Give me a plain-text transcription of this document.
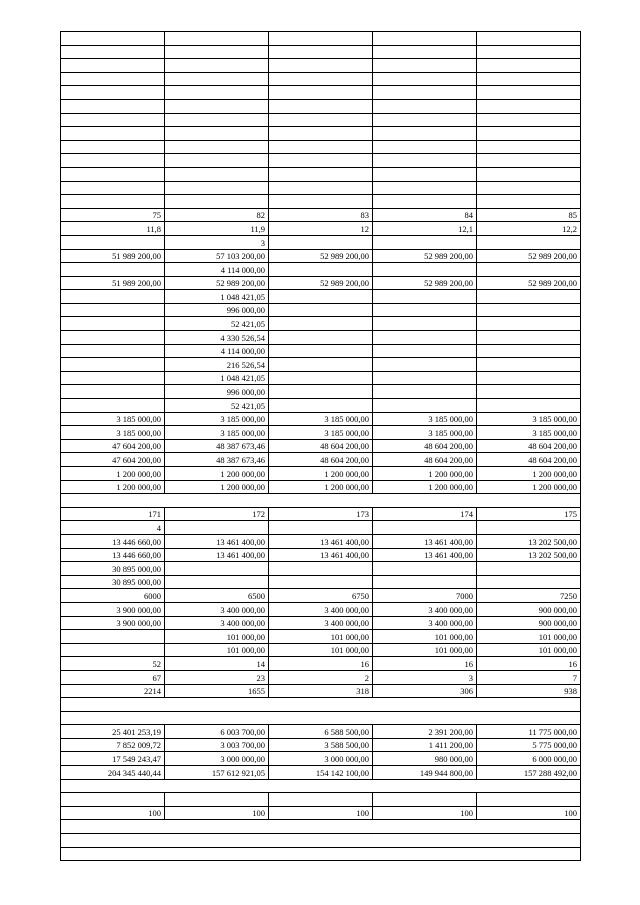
75	82	83	84	85
11,8	11,9	12	12,1	12,2
	3			
51 989 200,00	57 103 200,00	52 989 200,00	52 989 200,00	52 989 200,00
	4 114 000,00			
51 989 200,00	52 989 200,00	52 989 200,00	52 989 200,00	52 989 200,00
	1 048 421,05			
	996 000,00			
	52 421,05			
	4 330 526,54			
	4 114 000,00			
	216 526,54			
	1 048 421,05			
	996 000,00			
	52 421,05			
3 185 000,00	3 185 000,00	3 185 000,00	3 185 000,00	3 185 000,00
3 185 000,00	3 185 000,00	3 185 000,00	3 185 000,00	3 185 000,00
47 604 200,00	48 387 673,46	48 604 200,00	48 604 200,00	48 604 200,00
47 604 200,00	48 387 673,46	48 604 200,00	48 604 200,00	48 604 200,00
1 200 000,00	1 200 000,00	1 200 000,00	1 200 000,00	1 200 000,00
1 200 000,00	1 200 000,00	1 200 000,00	1 200 000,00	1 200 000,00

171	172	173	174	175
4				
13 446 660,00	13 461 400,00	13 461 400,00	13 461 400,00	13 202 500,00
13 446 660,00	13 461 400,00	13 461 400,00	13 461 400,00	13 202 500,00
30 895 000,00				
30 895 000,00				
6000	6500	6750	7000	7250
3 900 000,00	3 400 000,00	3 400 000,00	3 400 000,00	900 000,00
3 900 000,00	3 400 000,00	3 400 000,00	3 400 000,00	900 000,00
	101 000,00	101 000,00	101 000,00	101 000,00
	101 000,00	101 000,00	101 000,00	101 000,00
52	14	16	16	16
67	23	2	3	7
2214	1655	318	306	938

25 401 253,19	6 003 700,00	6 588 500,00	2 391 200,00	11 775 000,00
7 852 009,72	3 003 700,00	3 588 500,00	1 411 200,00	5 775 000,00
17 549 243,47	3 000 000,00	3 000 000,00	980 000,00	6 000 000,00
204 345 440,44	157 612 921,05	154 142 100,00	149 944 800,00	157 288 492,00

100	100	100	100	100
